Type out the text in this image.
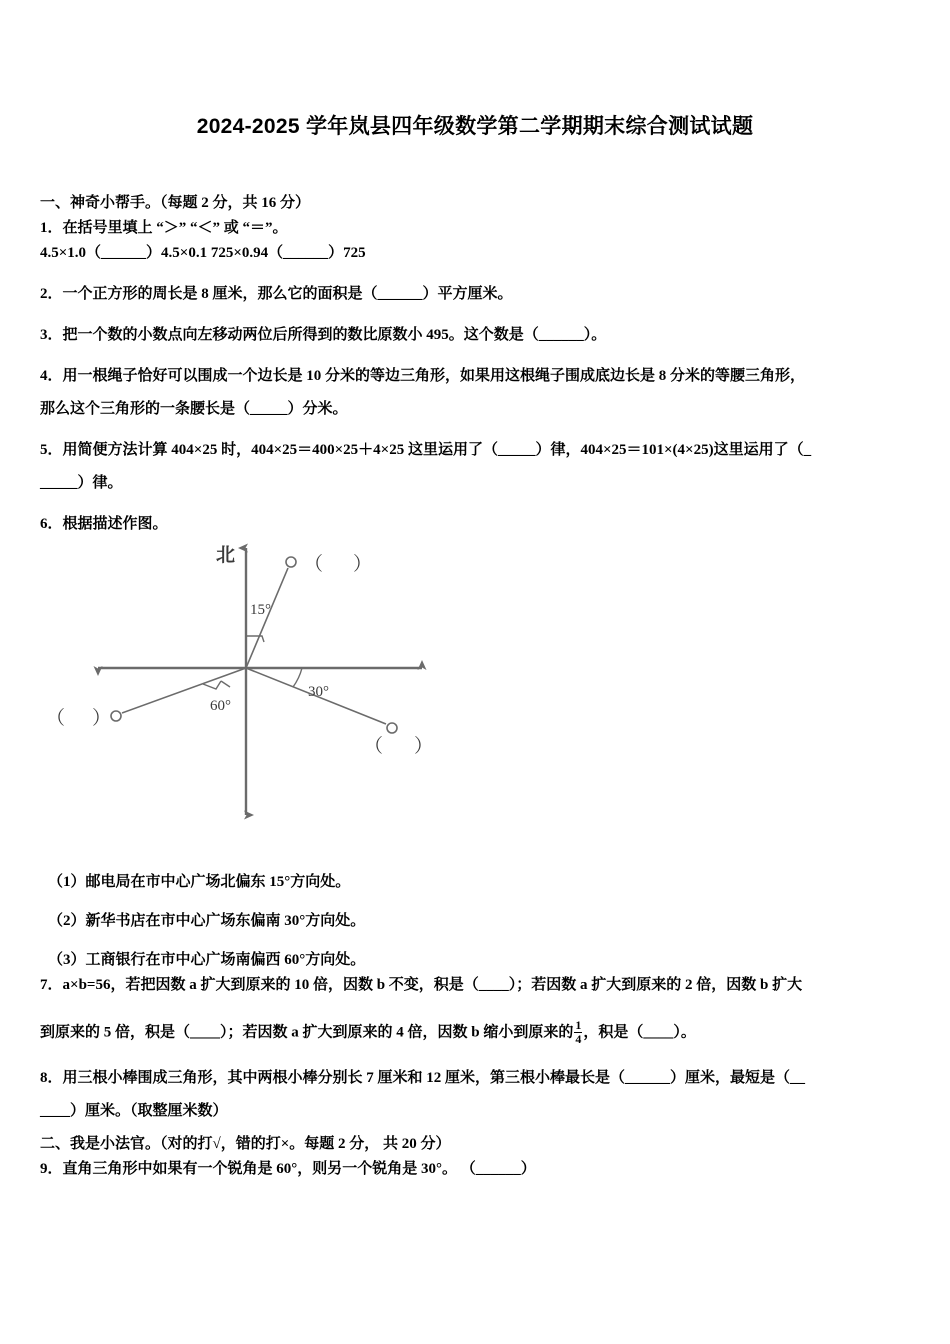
2024-2025 学年岚县四年级数学第二学期期末综合测试试题
一、神奇小帮手。（每题 2 分，共 16 分）
1．在括号里填上 “＞” “＜” 或 “＝”。
4.5×1.0（______）4.5×0.1 725×0.94（______）725
2．一个正方形的周长是 8 厘米，那么它的面积是（______）平方厘米。
3．把一个数的小数点向左移动两位后所得到的数比原数小 495。这个数是（______）。
4．用一根绳子恰好可以围成一个边长是 10 分米的等边三角形，如果用这根绳子围成底边长是 8 分米的等腰三角形，
那么这个三角形的一条腰长是（_____）分米。
5．用简便方法计算 404×25 时，404×25＝400×25＋4×25 这里运用了（_____）律，404×25＝101×(4×25)这里运用了（_
_____）律。
6．根据描述作图。
北
15°
30°
60°
（ ）
（ ）
（ ）
（1）邮电局在市中心广场北偏东 15°方向处。
（2）新华书店在市中心广场东偏南 30°方向处。
（3）工商银行在市中心广场南偏西 60°方向处。
7．a×b=56，若把因数 a 扩大到原来的 10 倍，因数 b 不变，积是（____）；若因数 a 扩大到原来的 2 倍，因数 b 扩大
到原来的 5 倍，积是（____）；若因数 a 扩大到原来的 4 倍，因数 b 缩小到原来的 $\frac{1}{4}$ ，积是（____）。
8．用三根小棒围成三角形，其中两根小棒分别长 7 厘米和 12 厘米，第三根小棒最长是（______）厘米，最短是（__
____）厘米。（取整厘米数）
二、我是小法官。（对的打√，错的打×。每题 2 分， 共 20 分）
9．直角三角形中如果有一个锐角是 60°，则另一个锐角是 30°。 （______）
